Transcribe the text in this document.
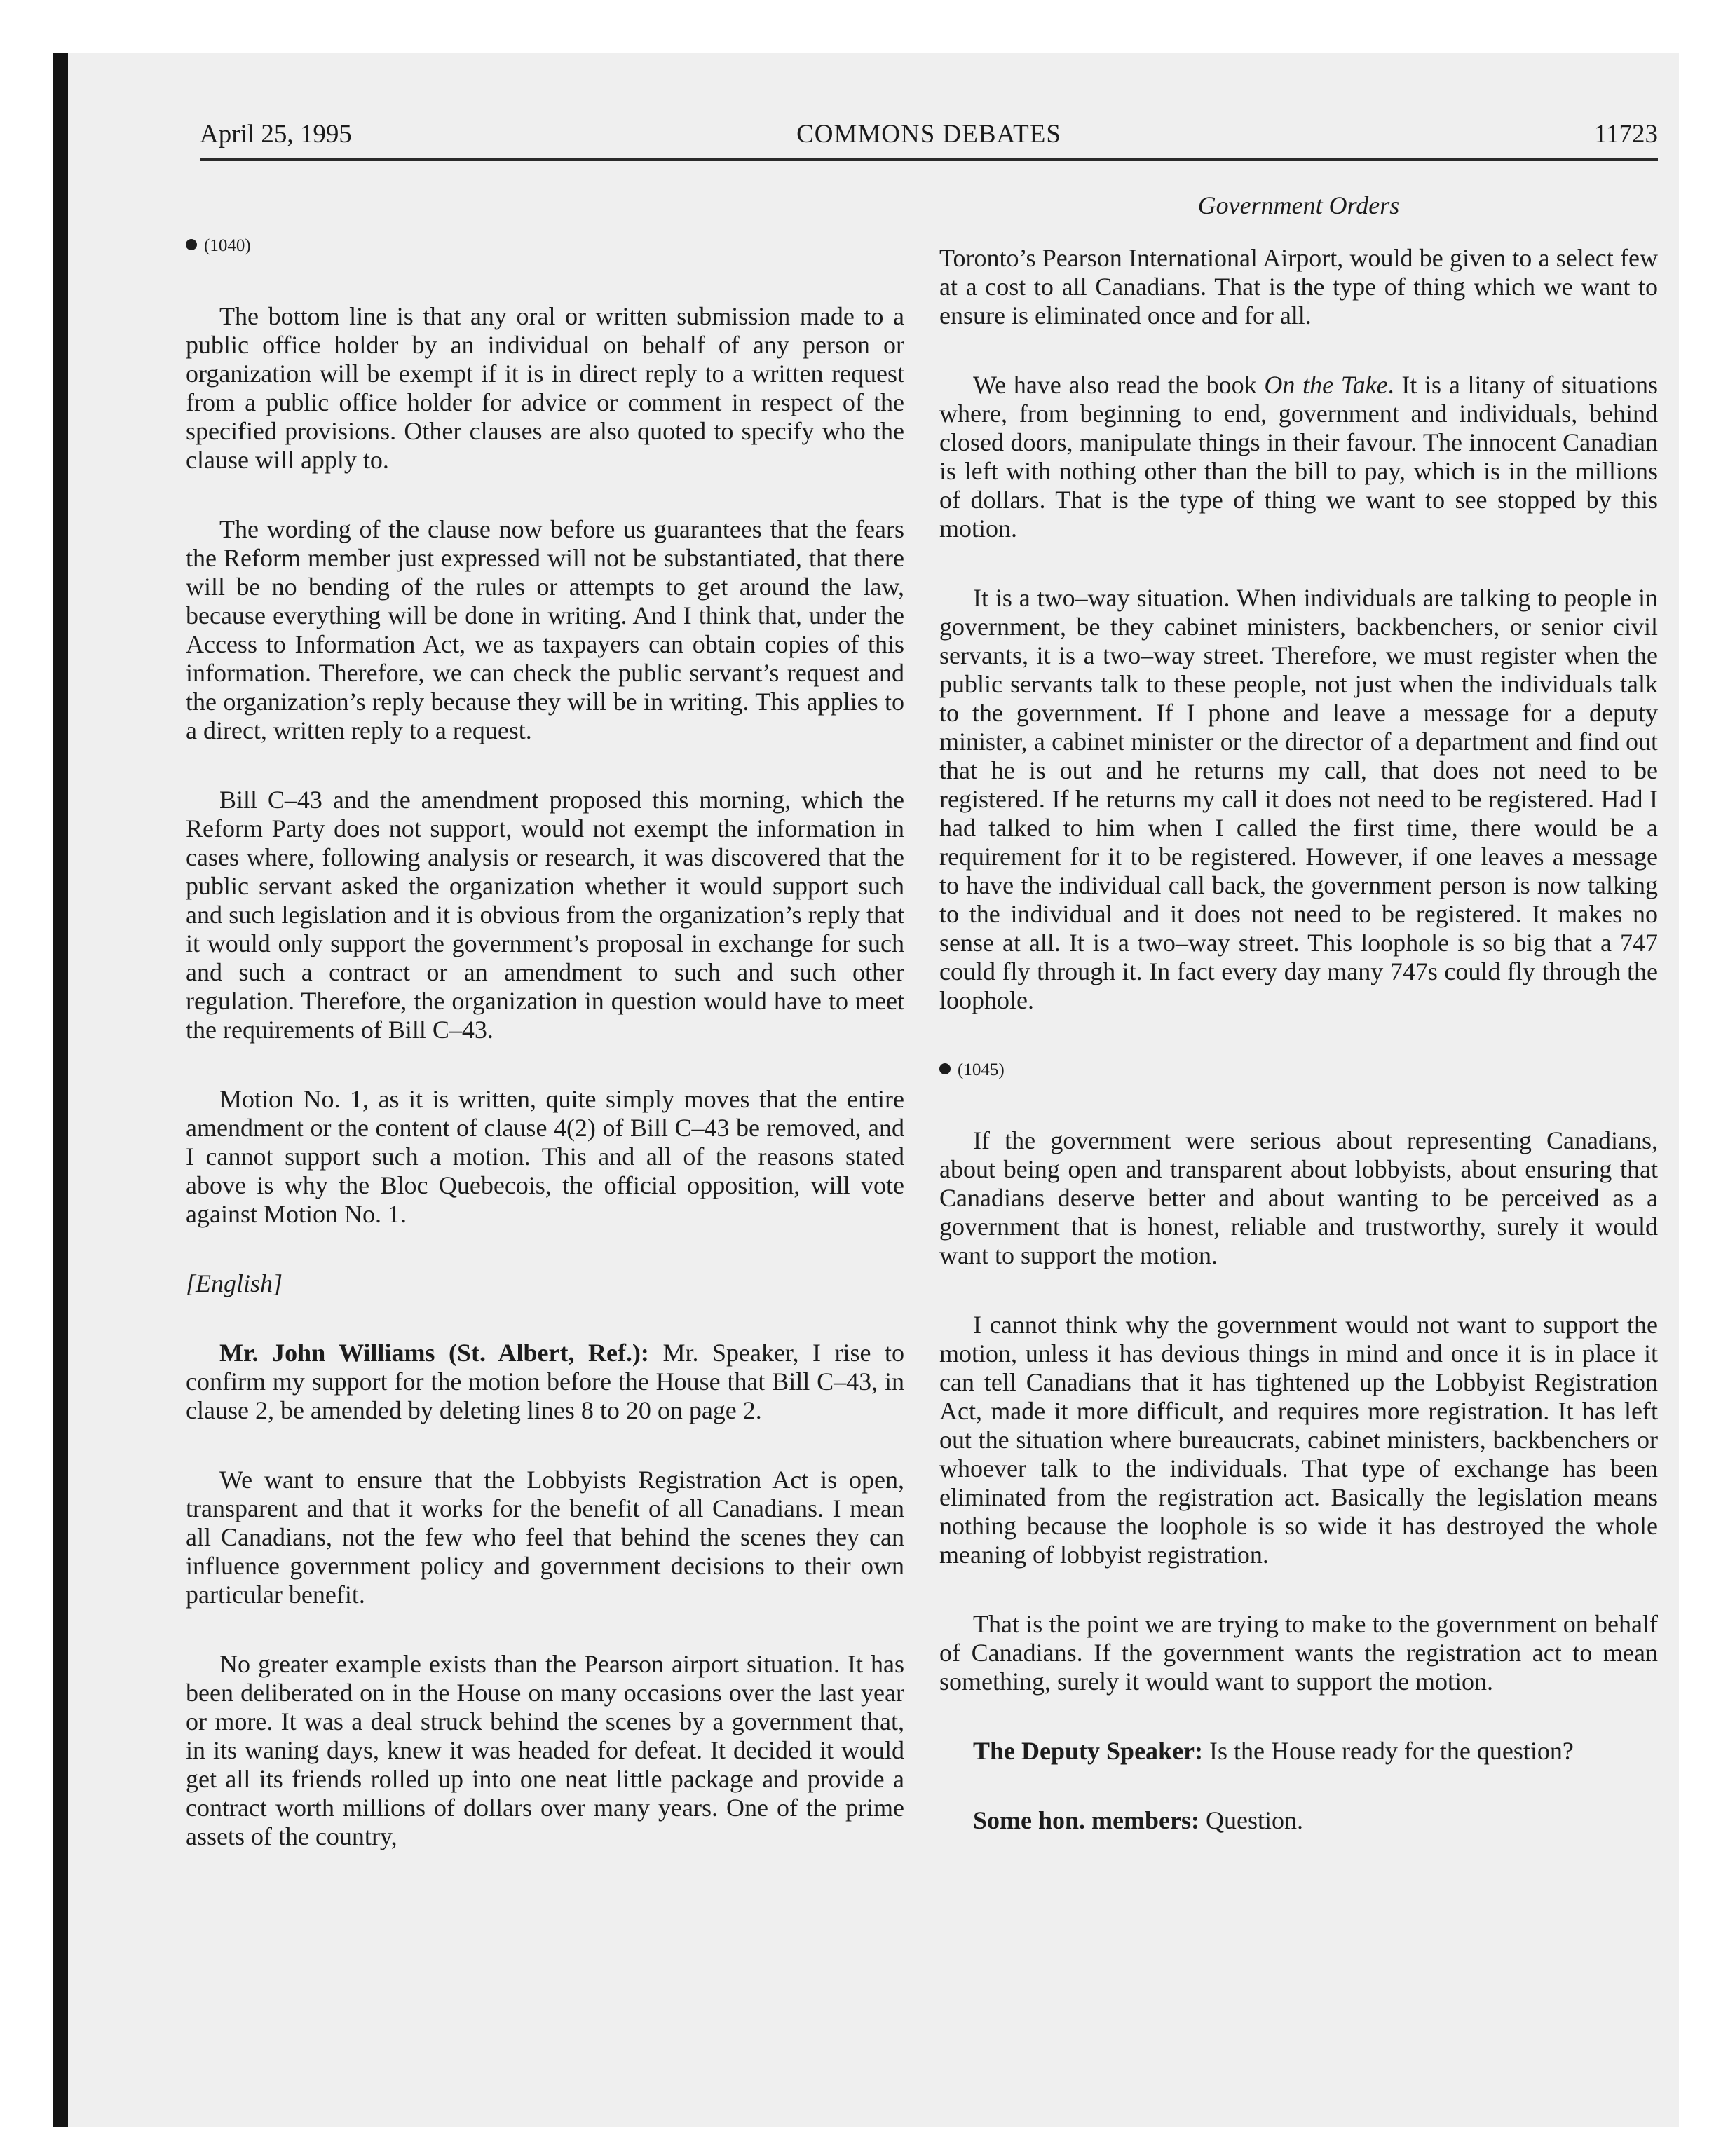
April 25, 1995	COMMONS DEBATES	11723
Government Orders
(1040)

The bottom line is that any oral or written submission made to a public office holder by an individual on behalf of any person or organization will be exempt if it is in direct reply to a written request from a public office holder for advice or comment in respect of the specified provisions. Other clauses are also quoted to specify who the clause will apply to.

The wording of the clause now before us guarantees that the fears the Reform member just expressed will not be substantiated, that there will be no bending of the rules or attempts to get around the law, because everything will be done in writing. And I think that, under the Access to Information Act, we as taxpayers can obtain copies of this information. Therefore, we can check the public servant’s request and the organization’s reply because they will be in writing. This applies to a direct, written reply to a request.

Bill C–43 and the amendment proposed this morning, which the Reform Party does not support, would not exempt the information in cases where, following analysis or research, it was discovered that the public servant asked the organization whether it would support such and such legislation and it is obvious from the organization’s reply that it would only support the government’s proposal in exchange for such and such a contract or an amendment to such and such other regulation. Therefore, the organization in question would have to meet the requirements of Bill C–43.

Motion No. 1, as it is written, quite simply moves that the entire amendment or the content of clause 4(2) of Bill C–43 be removed, and I cannot support such a motion. This and all of the reasons stated above is why the Bloc Quebecois, the official opposition, will vote against Motion No. 1.

[English]

Mr. John Williams (St. Albert, Ref.): Mr. Speaker, I rise to confirm my support for the motion before the House that Bill C–43, in clause 2, be amended by deleting lines 8 to 20 on page 2.

We want to ensure that the Lobbyists Registration Act is open, transparent and that it works for the benefit of all Canadians. I mean all Canadians, not the few who feel that behind the scenes they can influence government policy and government decisions to their own particular benefit.

No greater example exists than the Pearson airport situation. It has been deliberated on in the House on many occasions over the last year or more. It was a deal struck behind the scenes by a government that, in its waning days, knew it was headed for defeat. It decided it would get all its friends rolled up into one neat little package and provide a contract worth millions of dollars over many years. One of the prime assets of the country,

Toronto’s Pearson International Airport, would be given to a select few at a cost to all Canadians. That is the type of thing which we want to ensure is eliminated once and for all.

We have also read the book On the Take. It is a litany of situations where, from beginning to end, government and individuals, behind closed doors, manipulate things in their favour. The innocent Canadian is left with nothing other than the bill to pay, which is in the millions of dollars. That is the type of thing we want to see stopped by this motion.

It is a two–way situation. When individuals are talking to people in government, be they cabinet ministers, backbenchers, or senior civil servants, it is a two–way street. Therefore, we must register when the public servants talk to these people, not just when the individuals talk to the government. If I phone and leave a message for a deputy minister, a cabinet minister or the director of a department and find out that he is out and he returns my call, that does not need to be registered. If he returns my call it does not need to be registered. Had I had talked to him when I called the first time, there would be a requirement for it to be registered. However, if one leaves a message to have the individual call back, the government person is now talking to the individual and it does not need to be registered. It makes no sense at all. It is a two–way street. This loophole is so big that a 747 could fly through it. In fact every day many 747s could fly through the loophole.

(1045)

If the government were serious about representing Canadians, about being open and transparent about lobbyists, about ensuring that Canadians deserve better and about wanting to be perceived as a government that is honest, reliable and trustworthy, surely it would want to support the motion.

I cannot think why the government would not want to support the motion, unless it has devious things in mind and once it is in place it can tell Canadians that it has tightened up the Lobbyist Registration Act, made it more difficult, and requires more registration. It has left out the situation where bureaucrats, cabinet ministers, backbenchers or whoever talk to the individuals. That type of exchange has been eliminated from the registration act. Basically the legislation means nothing because the loophole is so wide it has destroyed the whole meaning of lobbyist registration.

That is the point we are trying to make to the government on behalf of Canadians. If the government wants the registration act to mean something, surely it would want to support the motion.

The Deputy Speaker: Is the House ready for the question?

Some hon. members: Question.
